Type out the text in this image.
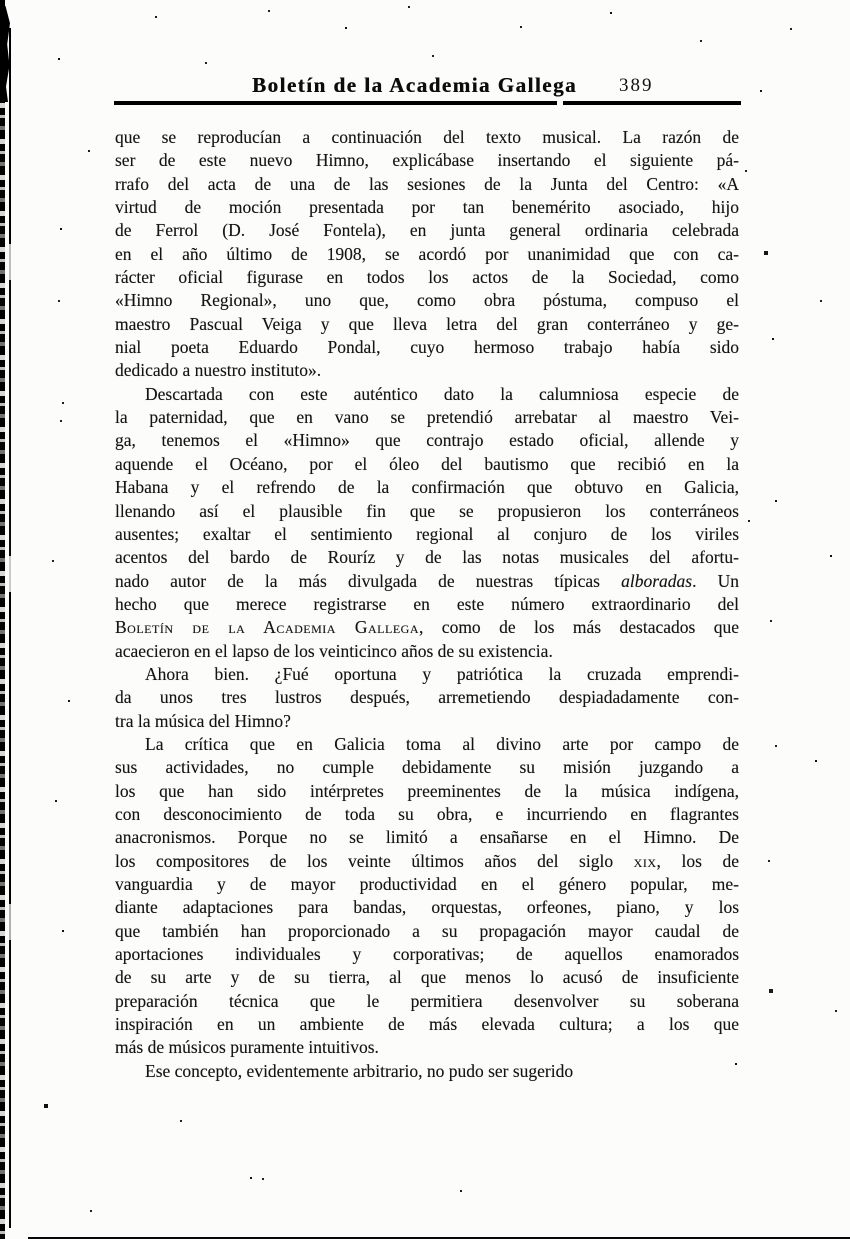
Boletín de la Academia Gallega	389
que se reproducían a continuación del texto musical. La razón de
ser de este nuevo Himno, explicábase insertando el siguiente pá-
rrafo del acta de una de las sesiones de la Junta del Centro: «A
virtud de moción presentada por tan benemérito asociado, hijo
de Ferrol (D. José Fontela), en junta general ordinaria celebrada
en el año último de 1908, se acordó por unanimidad que con ca-
rácter oficial figurase en todos los actos de la Sociedad, como
«Himno Regional», uno que, como obra póstuma, compuso el
maestro Pascual Veiga y que lleva letra del gran conterráneo y ge-
nial poeta Eduardo Pondal, cuyo hermoso trabajo había sido
dedicado a nuestro instituto».
Descartada con este auténtico dato la calumniosa especie de
la paternidad, que en vano se pretendió arrebatar al maestro Vei-
ga, tenemos el «Himno» que contrajo estado oficial, allende y
aquende el Océano, por el óleo del bautismo que recibió en la
Habana y el refrendo de la confirmación que obtuvo en Galicia,
llenando así el plausible fin que se propusieron los conterráneos
ausentes; exaltar el sentimiento regional al conjuro de los viriles
acentos del bardo de Rouríz y de las notas musicales del afortu-
nado autor de la más divulgada de nuestras típicas alboradas. Un
hecho que merece registrarse en este número extraordinario del
Boletín de la Academia Gallega, como de los más destacados que
acaecieron en el lapso de los veinticinco años de su existencia.
Ahora bien. ¿Fué oportuna y patriótica la cruzada emprendi-
da unos tres lustros después, arremetiendo despiadadamente con-
tra la música del Himno?
La crítica que en Galicia toma al divino arte por campo de
sus actividades, no cumple debidamente su misión juzgando a
los que han sido intérpretes preeminentes de la música indígena,
con desconocimiento de toda su obra, e incurriendo en flagrantes
anacronismos. Porque no se limitó a ensañarse en el Himno. De
los compositores de los veinte últimos años del siglo xix, los de
vanguardia y de mayor productividad en el género popular, me-
diante adaptaciones para bandas, orquestas, orfeones, piano, y los
que también han proporcionado a su propagación mayor caudal de
aportaciones individuales y corporativas; de aquellos enamorados
de su arte y de su tierra, al que menos lo acusó de insuficiente
preparación técnica que le permitiera desenvolver su soberana
inspiración en un ambiente de más elevada cultura; a los que
más de músicos puramente intuitivos.
Ese concepto, evidentemente arbitrario, no pudo ser sugerido
